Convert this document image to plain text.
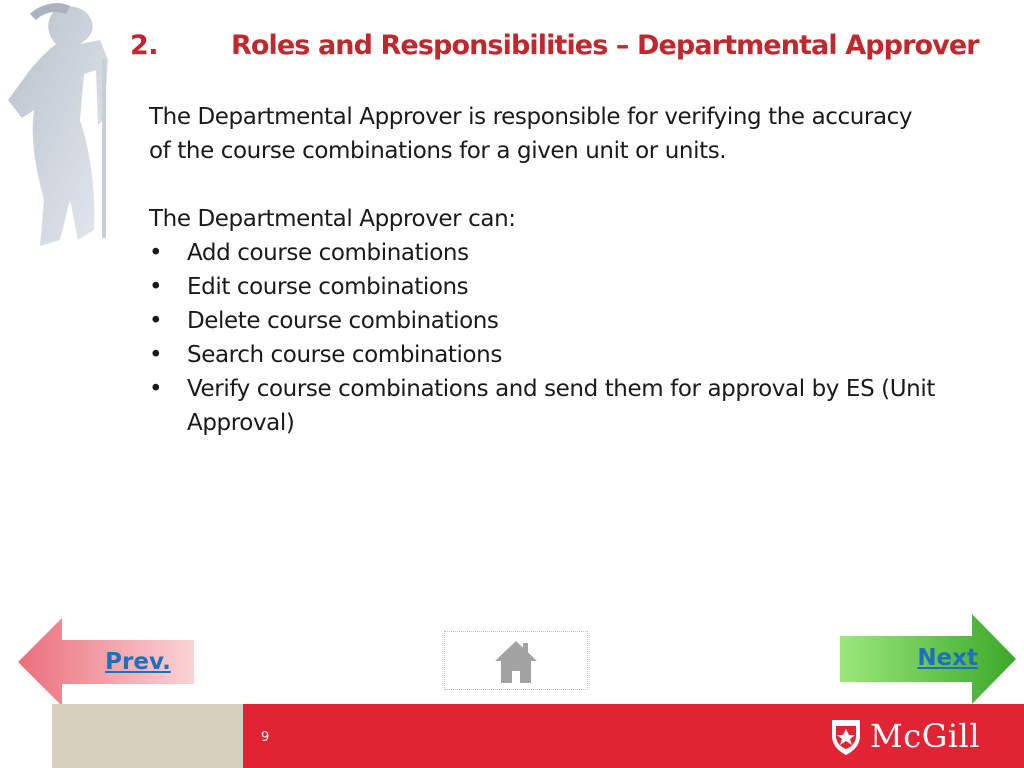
2.	Roles and Responsibilities – Departmental Approver

The Departmental Approver is responsible for verifying the accuracy

of the course combinations for a given unit or units.

The Departmental Approver can:

• Add course combinations
• Edit course combinations
• Delete course combinations
• Search course combinations
• Verify course combinations and send them for approval by ES (Unit Approval)
Prev.	Next
9	McGill
